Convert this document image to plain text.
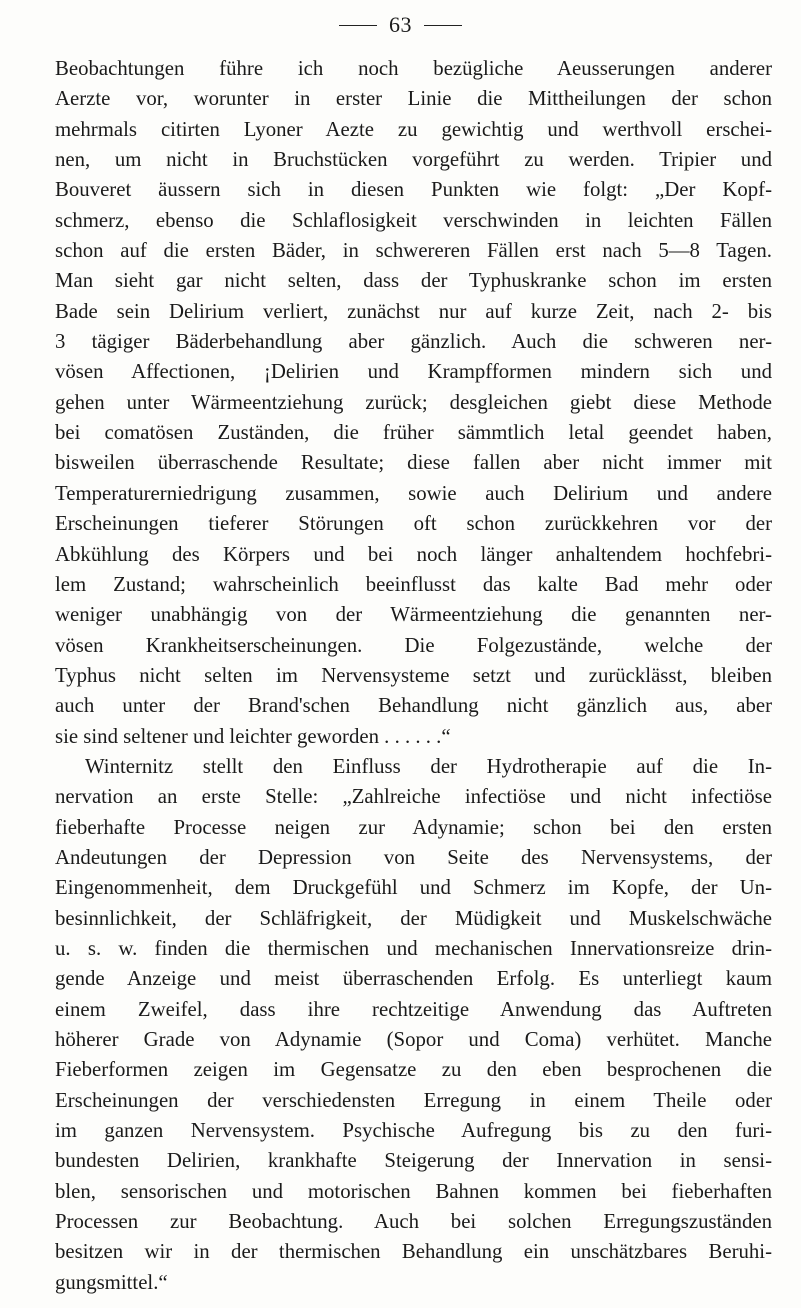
63
Beobachtungen führe ich noch bezügliche Aeusserungen anderer
Aerzte vor, worunter in erster Linie die Mittheilungen der schon
mehrmals citirten Lyoner Aezte zu gewichtig und werthvoll erschei-
nen, um nicht in Bruchstücken vorgeführt zu werden. Tripier und
Bouveret äussern sich in diesen Punkten wie folgt: „Der Kopf-
schmerz, ebenso die Schlaflosigkeit verschwinden in leichten Fällen
schon auf die ersten Bäder, in schwereren Fällen erst nach 5—8 Tagen.
Man sieht gar nicht selten, dass der Typhuskranke schon im ersten
Bade sein Delirium verliert, zunächst nur auf kurze Zeit, nach 2- bis
3 tägiger Bäderbehandlung aber gänzlich. Auch die schweren ner-
vösen Affectionen, ¡Delirien und Krampfformen mindern sich und
gehen unter Wärmeentziehung zurück; desgleichen giebt diese Methode
bei comatösen Zuständen, die früher sämmtlich letal geendet haben,
bisweilen überraschende Resultate; diese fallen aber nicht immer mit
Temperaturerniedrigung zusammen, sowie auch Delirium und andere
Erscheinungen tieferer Störungen oft schon zurückkehren vor der
Abkühlung des Körpers und bei noch länger anhaltendem hochfebri-
lem Zustand; wahrscheinlich beeinflusst das kalte Bad mehr oder
weniger unabhängig von der Wärmeentziehung die genannten ner-
vösen Krankheitserscheinungen. Die Folgezustände, welche der
Typhus nicht selten im Nervensysteme setzt und zurücklässt, bleiben
auch unter der Brand'schen Behandlung nicht gänzlich aus, aber
sie sind seltener und leichter geworden . . . . . .“
Winternitz stellt den Einfluss der Hydrotherapie auf die In-
nervation an erste Stelle: „Zahlreiche infectiöse und nicht infectiöse
fieberhafte Processe neigen zur Adynamie; schon bei den ersten
Andeutungen der Depression von Seite des Nervensystems, der
Eingenommenheit, dem Druckgefühl und Schmerz im Kopfe, der Un-
besinnlichkeit, der Schläfrigkeit, der Müdigkeit und Muskelschwäche
u. s. w. finden die thermischen und mechanischen Innervationsreize drin-
gende Anzeige und meist überraschenden Erfolg. Es unterliegt kaum
einem Zweifel, dass ihre rechtzeitige Anwendung das Auftreten
höherer Grade von Adynamie (Sopor und Coma) verhütet. Manche
Fieberformen zeigen im Gegensatze zu den eben besprochenen die
Erscheinungen der verschiedensten Erregung in einem Theile oder
im ganzen Nervensystem. Psychische Aufregung bis zu den furi-
bundesten Delirien, krankhafte Steigerung der Innervation in sensi-
blen, sensorischen und motorischen Bahnen kommen bei fieberhaften
Processen zur Beobachtung. Auch bei solchen Erregungszuständen
besitzen wir in der thermischen Behandlung ein unschätzbares Beruhi-
gungsmittel.“
